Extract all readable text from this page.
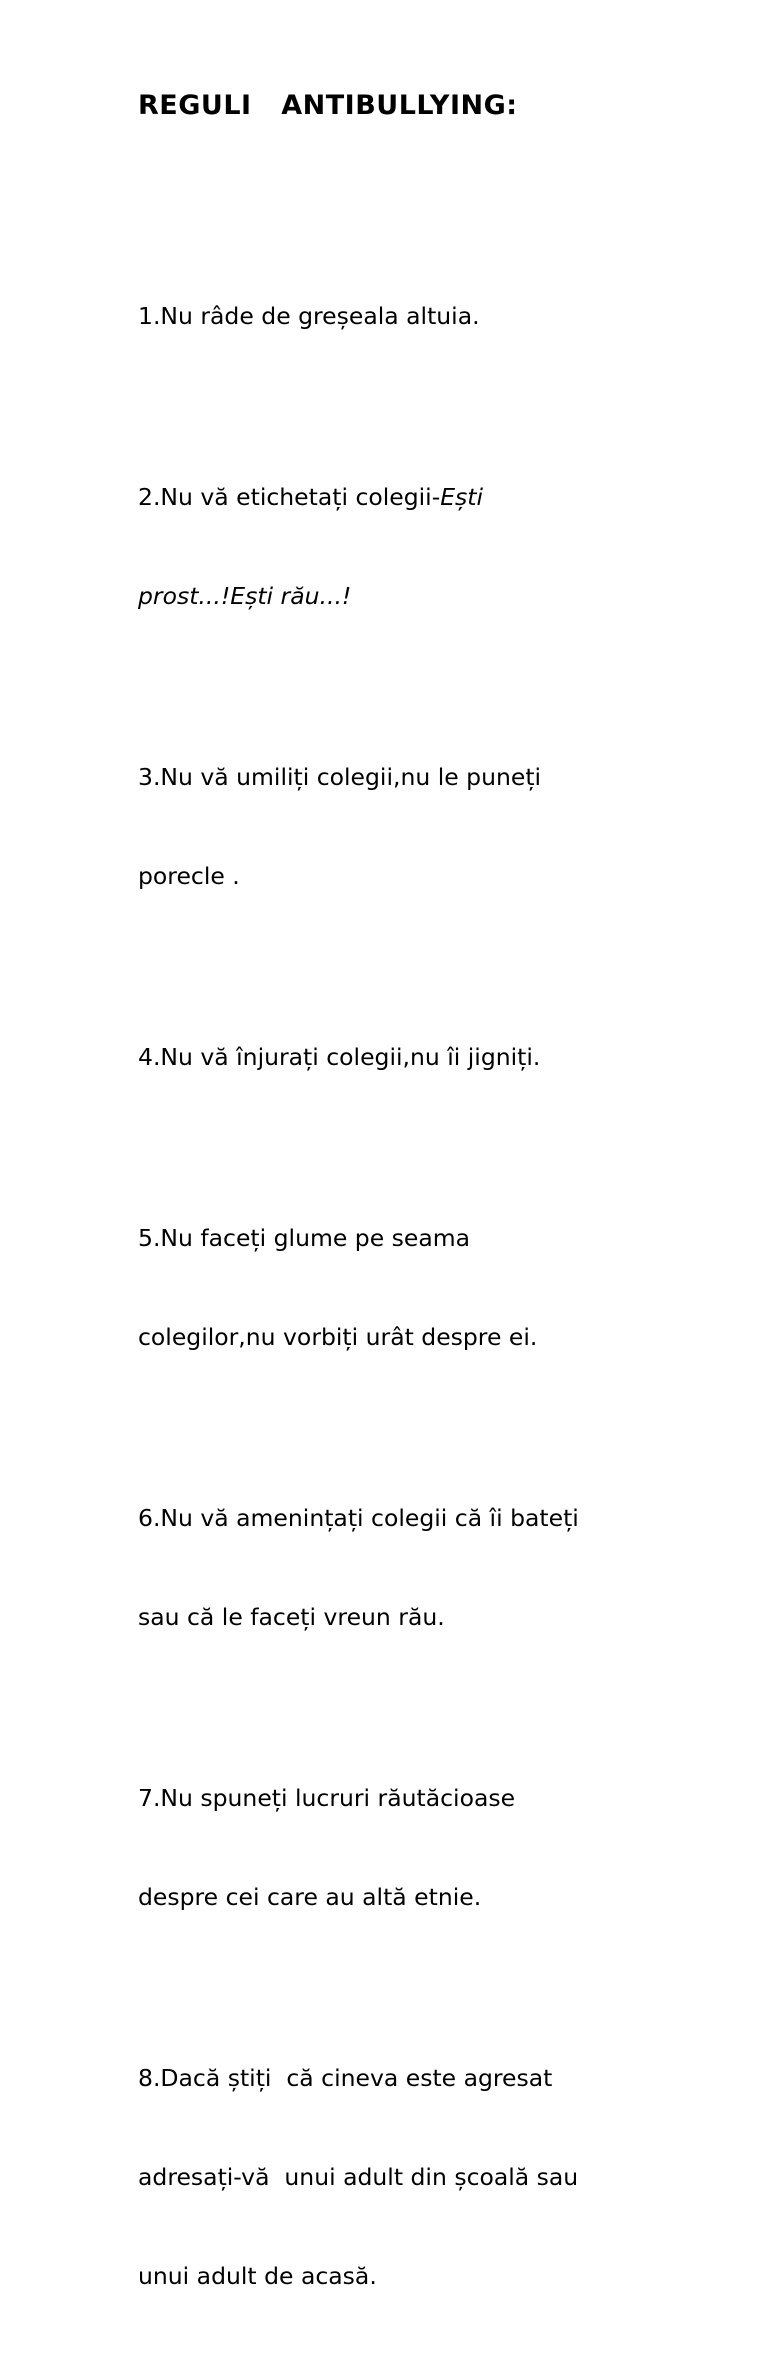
REGULI   ANTIBULLYING:

1.Nu râde de greșeala altuia.

2.Nu vă etichetați colegii-Ești

prost...!Ești rău...!

3.Nu vă umiliți colegii,nu le puneți

porecle .

4.Nu vă înjurați colegii,nu îi jigniți.

5.Nu faceți glume pe seama

colegilor,nu vorbiți urât despre ei.

6.Nu vă amenințați colegii că îi bateți

sau că le faceți vreun rău.

7.Nu spuneți lucruri răutăcioase

despre cei care au altă etnie.

8.Dacă știți  că cineva este agresat

adresați-vă  unui adult din școală sau

unui adult de acasă.
